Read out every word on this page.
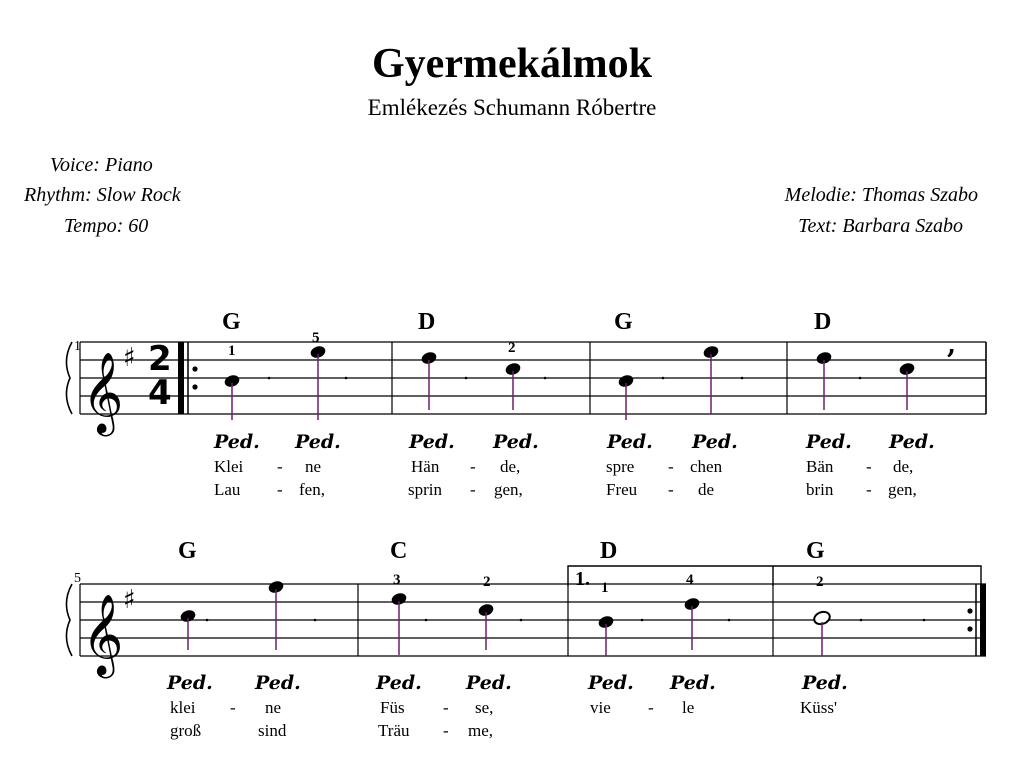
Gyermekálmok
Emlékezés Schumann Róbertre
Voice: Piano
Rhythm: Slow Rock
Tempo: 60
Melodie: Thomas Szabo
Text: Barbara Szabo
1
𝄞 ♯ 2
4
,
G	D	G	D
1
5
2
Ped. Ped.	Ped. Ped.	Ped. Ped.	Ped. Ped.
Klei - ne	Hän - de,	spre - chen	Bän - de,
Lau - fen,	sprin - gen,	Freu - de	brin - gen,
5
𝄞 ♯
1.
G	C	D	G
3	2	1	4	2
Ped. Ped.	Ped. Ped.	Ped. Ped.	Ped.
klei - ne	Füs - se,	vie - le	Küss'
groß	sind	Träu - me,
